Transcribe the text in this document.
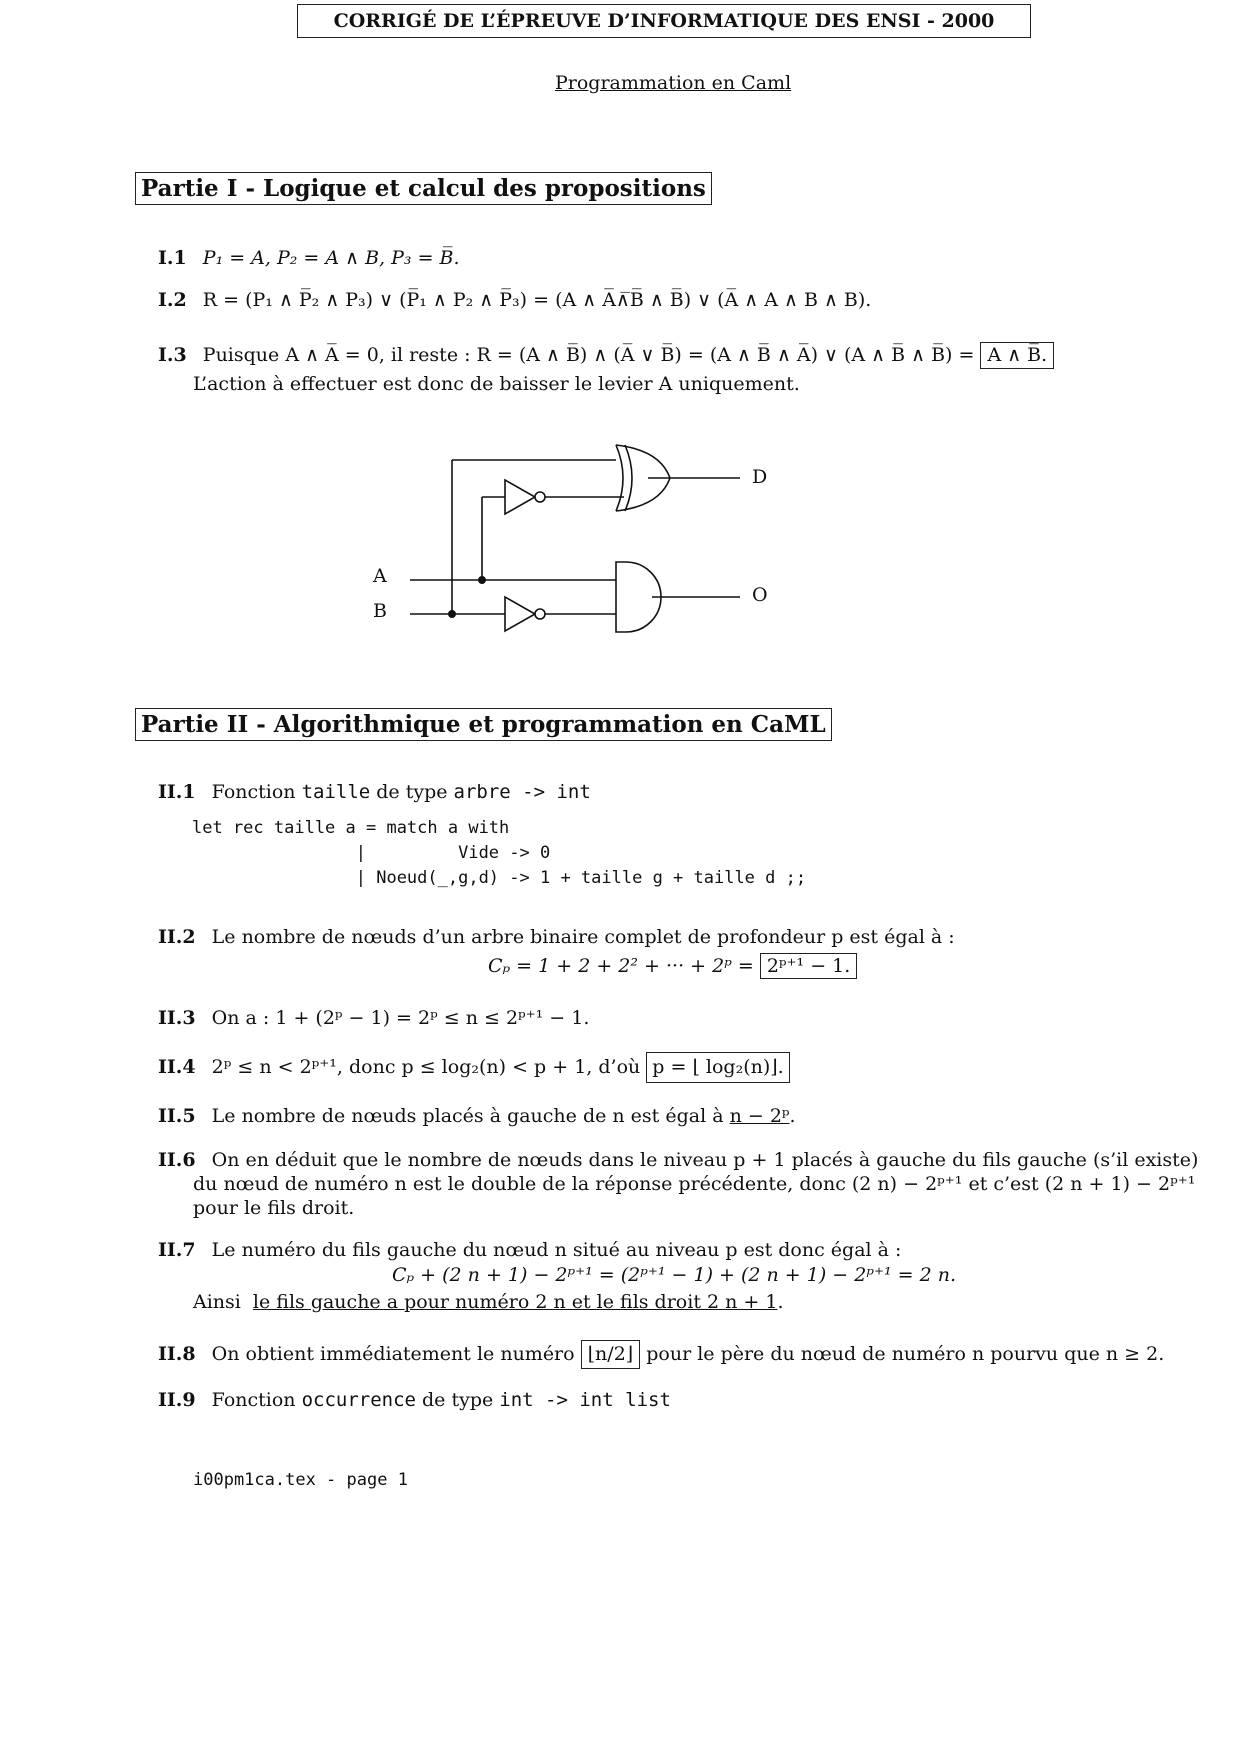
CORRIGÉ DE L’ÉPREUVE D’INFORMATIQUE DES ENSI - 2000
Programmation en Caml
Partie I - Logique et calcul des propositions
I.1 P₁ = A, P₂ = A ∧ B, P₃ = B̅.
I.2 R = (P₁ ∧ P̅₂ ∧ P₃) ∨ (P̅₁ ∧ P₂ ∧ P̅₃) = (A ∧ A̅∧̅B̅ ∧ B̅) ∨ (A̅ ∧ A ∧ B ∧ B).
I.3 Puisque A ∧ A̅ = 0, il reste : R = (A ∧ B̅) ∧ (A̅ ∨ B̅) = (A ∧ B̅ ∧ A̅) ∨ (A ∧ B̅ ∧ B̅) = A ∧ B̅.
L’action à effectuer est donc de baisser le levier A uniquement.
A
B
D
O
Partie II - Algorithmique et programmation en CaML
II.1 Fonction taille de type arbre -> int
let rec taille a = match a with
|         Vide -> 0
| Noeud(_,g,d) -> 1 + taille g + taille d ;;
II.2 Le nombre de nœuds d’un arbre binaire complet de profondeur p est égal à :
Cₚ = 1 + 2 + 2² + ··· + 2ᵖ = 2ᵖ⁺¹ − 1.
II.3 On a : 1 + (2ᵖ − 1) = 2ᵖ ≤ n ≤ 2ᵖ⁺¹ − 1.
II.4 2ᵖ ≤ n < 2ᵖ⁺¹, donc p ≤ log₂(n) < p + 1, d’où p = ⌊ log₂(n)⌋.
II.5 Le nombre de nœuds placés à gauche de n est égal à n − 2ᵖ.
II.6 On en déduit que le nombre de nœuds dans le niveau p + 1 placés à gauche du fils gauche (s’il existe)
du nœud de numéro n est le double de la réponse précédente, donc (2 n) − 2ᵖ⁺¹ et c’est (2 n + 1) − 2ᵖ⁺¹
pour le fils droit.
II.7 Le numéro du fils gauche du nœud n situé au niveau p est donc égal à :
Cₚ + (2 n + 1) − 2ᵖ⁺¹ = (2ᵖ⁺¹ − 1) + (2 n + 1) − 2ᵖ⁺¹ = 2 n.
Ainsi le fils gauche a pour numéro 2 n et le fils droit 2 n + 1.
II.8 On obtient immédiatement le numéro ⌊n/2⌋ pour le père du nœud de numéro n pourvu que n ≥ 2.
II.9 Fonction occurrence de type int -> int list
i00pm1ca.tex - page 1
